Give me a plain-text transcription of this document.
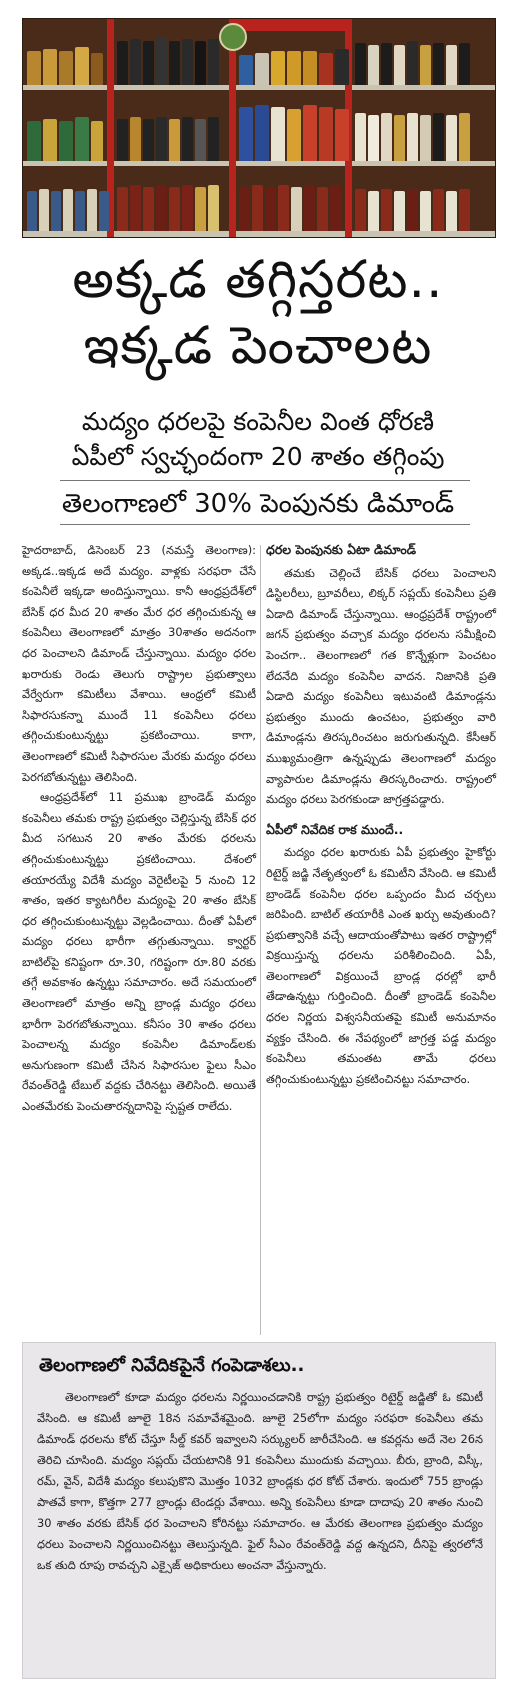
అక్కడ తగ్గిస్తరట..
ఇక్కడ పెంచాలట
మద్యం ధరలపై కంపెనీల వింత ధోరణి
ఏపీలో స్వచ్ఛందంగా 20 శాతం తగ్గింపు
తెలంగాణలో 30% పెంపునకు డిమాండ్

హైదరాబాద్, డిసెంబర్ 23 (నమస్తే తెలంగాణ): అక్కడ..ఇక్కడ అదే మద్యం. వాళ్లకు సరఫరా చేసే కంపెనీలే ఇక్కడా అందిస్తున్నాయి. కానీ ఆంధ్రప్రదేశ్‌లో బేసిక్ ధర మీద 20 శాతం మేర ధర తగ్గించుకున్న ఆ కంపెనీలు తెలంగాణలో మాత్రం 30శాతం అదనంగా ధర పెంచాలని డిమాండ్ చేస్తున్నాయి. మద్యం ధరల ఖరారుకు రెండు తెలుగు రాష్ట్రాల ప్రభుత్వాలు వేర్వేరుగా కమిటీలు వేశాయి. ఆంధ్రలో కమిటీ సిఫారసుకన్నా ముందే 11 కంపెనీలు ధరలు తగ్గించుకుంటున్నట్టు ప్రకటించాయి. కాగా, తెలంగాణలో కమిటీ సిఫారసుల మేరకు మద్యం ధరలు పెరగబోతున్నట్టు తెలిసింది.

ఆంధ్రప్రదేశ్‌లో 11 ప్రముఖ బ్రాండెడ్ మద్యం కంపెనీలు తమకు రాష్ట్ర ప్రభుత్వం చెల్లిస్తున్న బేసిక్ ధర మీద సగటున 20 శాతం మేరకు ధరలను తగ్గించుకుంటున్నట్టు ప్రకటించాయి. దేశంలో తయారయ్యే విదేశీ మద్యం వెరైటీలపై 5 నుంచి 12 శాతం, ఇతర క్యాటగిరీల మద్యంపై 20 శాతం బేసిక్ ధర తగ్గించుకుంటున్నట్టు వెల్లడించాయి. దీంతో ఏపీలో మద్యం ధరలు భారీగా తగ్గుతున్నాయి. క్వార్టర్ బాటిల్‌పై కనిష్టంగా రూ.30, గరిష్టంగా రూ.80 వరకు తగ్గే అవకాశం ఉన్నట్టు సమాచారం. అదే సమయంలో తెలంగాణలో మాత్రం అన్ని బ్రాండ్ల మద్యం ధరలు భారీగా పెరగబోతున్నాయి. కనీసం 30 శాతం ధరలు పెంచాలన్న మద్యం కంపెనీల డిమాండ్‌లకు అనుగుణంగా కమిటీ చేసిన సిఫారసుల ఫైలు సీఎం రేవంత్‌రెడ్డి టేబుల్ వద్దకు చేరినట్టు తెలిసింది. అయితే ఎంతమేరకు పెంచుతారన్నదానిపై స్పష్టత రాలేదు.

ధరల పెంపునకు ఏటా డిమాండ్

తమకు చెల్లించే బేసిక్ ధరలు పెంచాలని డిస్టిలరీలు, బ్రూవరీలు, లిక్కర్ సప్లయ్ కంపెనీలు ప్రతి ఏడాది డిమాండ్ చేస్తున్నాయి. ఆంధ్రప్రదేశ్ రాష్ట్రంలో జగన్ ప్రభుత్వం వచ్చాక మద్యం ధరలను సమీక్షించి పెంచగా.. తెలంగాణలో గత కొన్నేళ్లుగా పెంచటం లేదనేది మద్యం కంపెనీల వాదన. నిజానికి ప్రతి ఏడాది మద్యం కంపెనీలు ఇటువంటి డిమాండ్లను ప్రభుత్వం ముందు ఉంచటం, ప్రభుత్వం వారి డిమాండ్లను తిరస్కరించటం జరుగుతున్నది. కేసీఆర్ ముఖ్యమంత్రిగా ఉన్నప్పుడు తెలంగాణలో మద్యం వ్యాపారుల డిమాండ్లను తిరస్కరించారు. రాష్ట్రంలో మద్యం ధరలు పెరగకుండా జాగ్రత్తపడ్డారు.

ఏపీలో నివేదిక రాక ముందే..

మద్యం ధరల ఖరారుకు ఏపీ ప్రభుత్వం హైకోర్టు రిటైర్డ్ జడ్జి నేతృత్వంలో ఓ కమిటీని వేసింది. ఆ కమిటీ బ్రాండెడ్ కంపెనీల ధరల ఒప్పందం మీద చర్చలు జరిపింది. బాటిల్ తయారీకి ఎంత ఖర్చు అవుతుంది? ప్రభుత్వానికి వచ్చే ఆదాయంతోపాటు ఇతర రాష్ట్రాల్లో విక్రయిస్తున్న ధరలను పరిశీలించింది. ఏపీ, తెలంగాణలో విక్రయించే బ్రాండ్ల ధరల్లో భారీ తేడాఉన్నట్టు గుర్తించింది. దీంతో బ్రాండెడ్ కంపెనీల ధరల నిర్ణయ విశ్వసనీయతపై కమిటీ అనుమానం వ్యక్తం చేసింది. ఈ నేపథ్యంలో జాగ్రత్త పడ్డ మద్యం కంపెనీలు తమంతట తామే ధరలు తగ్గించుకుంటున్నట్టు ప్రకటించినట్టు సమాచారం.

తెలంగాణలో నివేదికపైనే గంపెడాశలు..

తెలంగాణలో కూడా మద్యం ధరలను నిర్ణయించడానికి రాష్ట్ర ప్రభుత్వం రిటైర్డ్ జడ్జితో ఓ కమిటీ వేసింది. ఆ కమిటీ జూలై 18న సమావేశమైంది. జూలై 25లోగా మద్యం సరఫరా కంపెనీలు తమ డిమాండ్ ధరలను కోట్ చేస్తూ సీల్డ్ కవర్ ఇవ్వాలని సర్క్యులర్ జారీచేసింది. ఆ కవర్లను అదే నెల 26న తెరిచి చూసింది. మద్యం సప్లయ్ చేయటానికి 91 కంపెనీలు ముందుకు వచ్చాయి. బీరు, బ్రాంది, విస్కీ, రమ్, వైన్, విదేశీ మద్యం కలుపుకొని మొత్తం 1032 బ్రాండ్లకు ధర కోట్ చేశారు. ఇందులో 755 బ్రాండ్లు పాతవే కాగా, కొత్తగా 277 బ్రాండ్లు టెండర్లు వేశాయి. అన్ని కంపెనీలు కూడా దాదాపు 20 శాతం నుంచి 30 శాతం వరకు బేసిక్ ధర పెంచాలని కోరినట్టు సమాచారం. ఆ మేరకు తెలంగాణ ప్రభుత్వం మద్యం ధరలు పెంచాలని నిర్ణయించినట్టు తెలుస్తున్నది. ఫైల్ సీఎం రేవంత్‌రెడ్డి వద్ద ఉన్నదని, దీనిపై త్వరలోనే ఒక తుది రూపు రావచ్చని ఎక్సైజ్ అధికారులు అంచనా వేస్తున్నారు.
